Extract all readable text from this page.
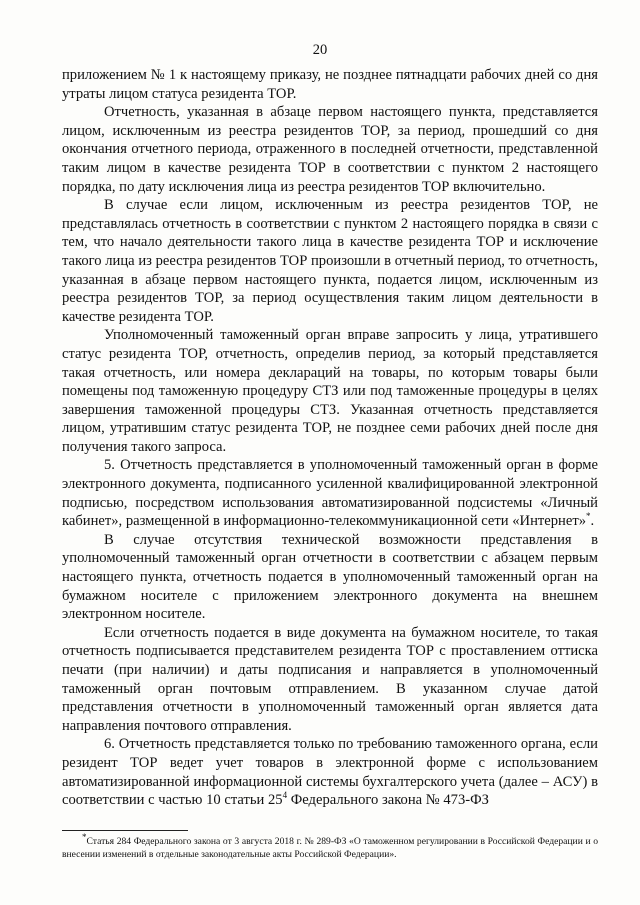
20

приложением № 1 к настоящему приказу, не позднее пятнадцати рабочих дней со дня утраты лицом статуса резидента ТОР.

Отчетность, указанная в абзаце первом настоящего пункта, представляется лицом, исключенным из реестра резидентов ТОР, за период, прошедший со дня окончания отчетного периода, отраженного в последней отчетности, представленной таким лицом в качестве резидента ТОР в соответствии с пунктом 2 настоящего порядка, по дату исключения лица из реестра резидентов ТОР включительно.

В случае если лицом, исключенным из реестра резидентов ТОР, не представлялась отчетность в соответствии с пунктом 2 настоящего порядка в связи с тем, что начало деятельности такого лица в качестве резидента ТОР и исключение такого лица из реестра резидентов ТОР произошли в отчетный период, то отчетность, указанная в абзаце первом настоящего пункта, подается лицом, исключенным из реестра резидентов ТОР, за период осуществления таким лицом деятельности в качестве резидента ТОР.

Уполномоченный таможенный орган вправе запросить у лица, утратившего статус резидента ТОР, отчетность, определив период, за который представляется такая отчетность, или номера деклараций на товары, по которым товары были помещены под таможенную процедуру СТЗ или под таможенные процедуры в целях завершения таможенной процедуры СТЗ. Указанная отчетность представляется лицом, утратившим статус резидента ТОР, не позднее семи рабочих дней после дня получения такого запроса.

5. Отчетность представляется в уполномоченный таможенный орган в форме электронного документа, подписанного усиленной квалифицированной электронной подписью, посредством использования автоматизированной подсистемы «Личный кабинет», размещенной в информационно-телекоммуникационной сети «Интернет»*.

В случае отсутствия технической возможности представления в уполномоченный таможенный орган отчетности в соответствии с абзацем первым настоящего пункта, отчетность подается в уполномоченный таможенный орган на бумажном носителе с приложением электронного документа на внешнем электронном носителе.

Если отчетность подается в виде документа на бумажном носителе, то такая отчетность подписывается представителем резидента ТОР с проставлением оттиска печати (при наличии) и даты подписания и направляется в уполномоченный таможенный орган почтовым отправлением. В указанном случае датой представления отчетности в уполномоченный таможенный орган является дата направления почтового отправления.

6. Отчетность представляется только по требованию таможенного органа, если резидент ТОР ведет учет товаров в электронной форме с использованием автоматизированной информационной системы бухгалтерского учета (далее – АСУ) в соответствии с частью 10 статьи $25^4$ Федерального закона № 473-ФЗ

*Статья 284 Федерального закона от 3 августа 2018 г. № 289-ФЗ «О таможенном регулировании в Российской Федерации и о внесении изменений в отдельные законодательные акты Российской Федерации».
